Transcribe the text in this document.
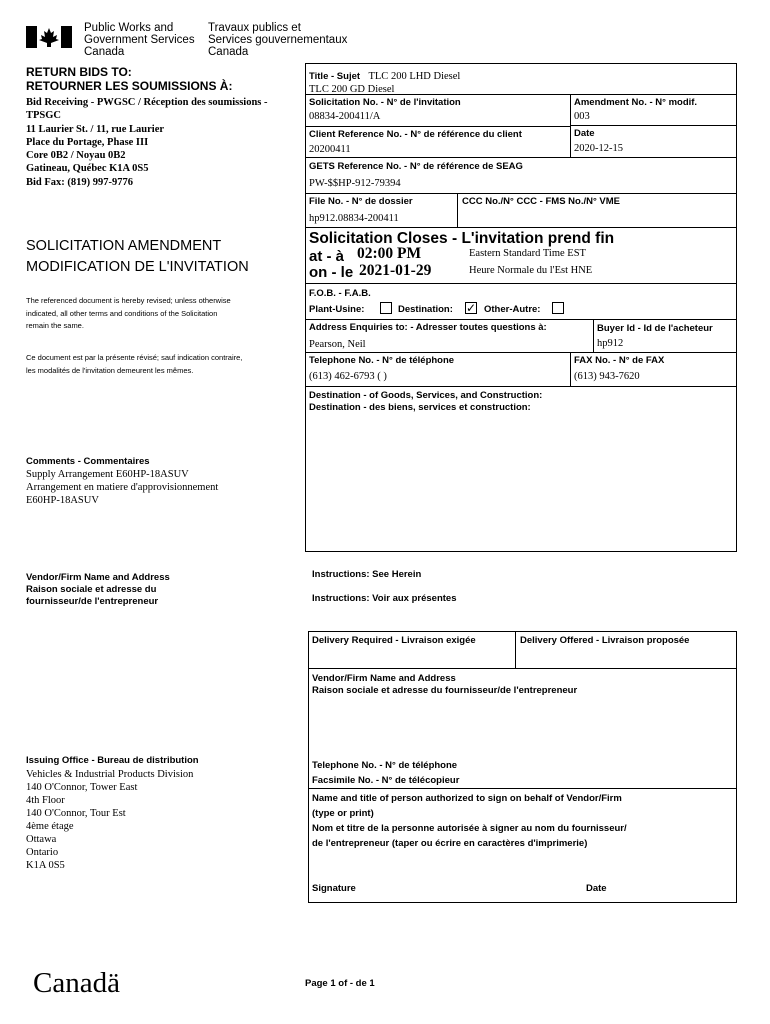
Public Works and
Government Services
Canada
Travaux publics et
Services gouvernementaux
Canada
RETURN BIDS TO:
RETOURNER LES SOUMISSIONS À:
Bid Receiving - PWGSC / Réception des soumissions -
TPSGC
11 Laurier St. / 11, rue Laurier
Place du Portage, Phase III
Core 0B2 / Noyau 0B2
Gatineau, Québec K1A 0S5
Bid Fax: (819) 997-9776
SOLICITATION AMENDMENT
MODIFICATION DE L'INVITATION
The referenced document is hereby revised; unless otherwise
indicated, all other terms and conditions of the Solicitation
remain the same.
Ce document est par la présente révisé; sauf indication contraire,
les modalités de l'invitation demeurent les mêmes.
Comments - Commentaires
Supply Arrangement E60HP-18ASUV
Arrangement en matiere d'approvisionnement
E60HP-18ASUV
Vendor/Firm Name and Address
Raison sociale et adresse du
fournisseur/de l'entrepreneur
Issuing Office - Bureau de distribution
Vehicles & Industrial Products Division
140 O'Connor, Tower East
4th Floor
140 O'Connor, Tour Est
4ème étage
Ottawa
Ontario
K1A 0S5
Title - Sujet TLC 200 LHD Diesel
TLC 200 GD Diesel
Solicitation No. - N° de l'invitation
08834-200411/A
Amendment No. - N° modif.
003
Client Reference No. - N° de référence du client
20200411
Date
2020-12-15
GETS Reference No. - N° de référence de SEAG
PW-$$HP-912-79394
File No. - N° de dossier
hp912.08834-200411
CCC No./N° CCC - FMS No./N° VME
Solicitation Closes - L'invitation prend fin
at - à 02:00 PM
on - le 2021-01-29
Eastern Standard Time EST
Heure Normale du l'Est HNE
F.O.B. - F.A.B.
Plant-Usine:	Destination: ✓ Other-Autre:
Address Enquiries to: - Adresser toutes questions à:
Pearson, Neil
Buyer Id - Id de l'acheteur
hp912
Telephone No. - N° de téléphone
(613) 462-6793 ( )
FAX No. - N° de FAX
(613) 943-7620
Destination - of Goods, Services, and Construction:
Destination - des biens, services et construction:
Instructions: See Herein
Instructions: Voir aux présentes
Delivery Required - Livraison exigée	Delivery Offered - Livraison proposée
Vendor/Firm Name and Address
Raison sociale et adresse du fournisseur/de l'entrepreneur
Telephone No. - N° de téléphone
Facsimile No. - N° de télécopieur
Name and title of person authorized to sign on behalf of Vendor/Firm
(type or print)
Nom et titre de la personne autorisée à signer au nom du fournisseur/
de l'entrepreneur (taper ou écrire en caractères d'imprimerie)
Signature	Date
Canadä	Page 1 of - de 1
